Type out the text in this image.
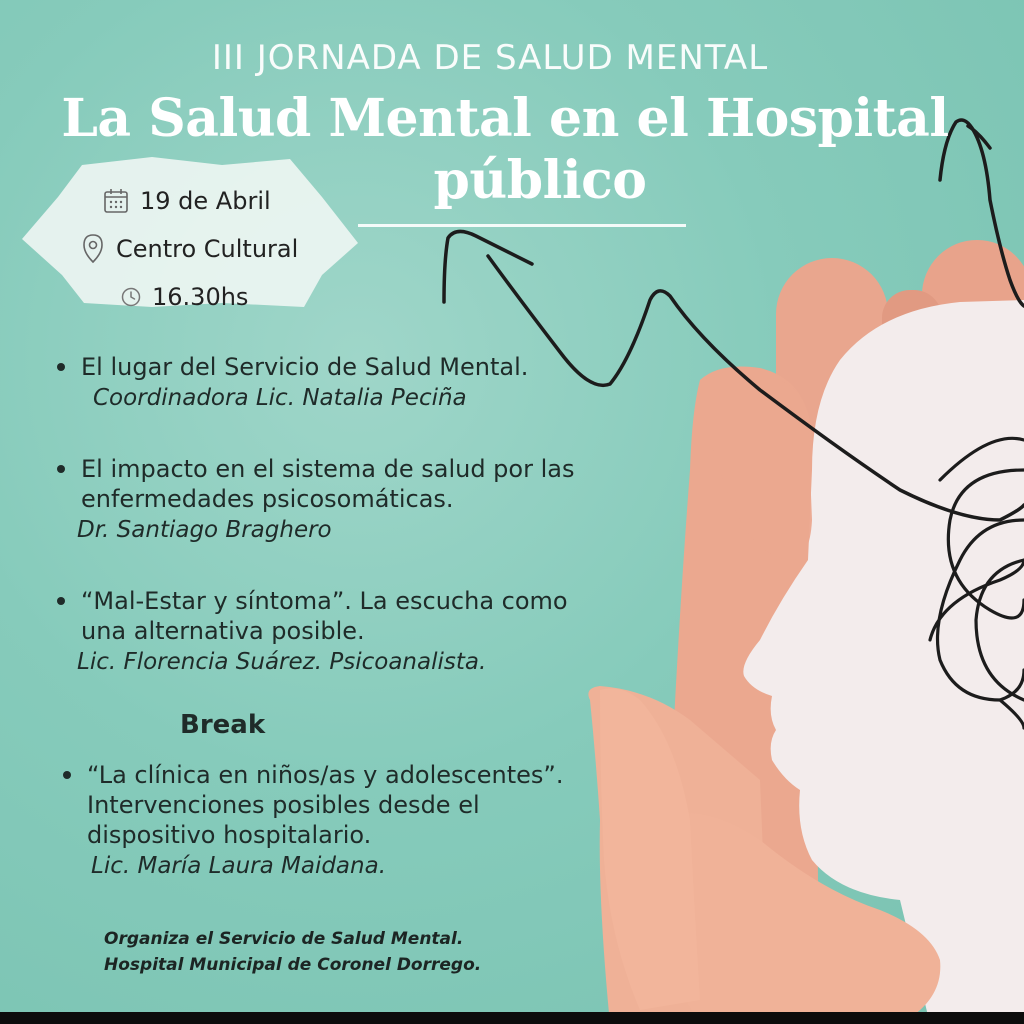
III JORNADA DE SALUD MENTAL
La Salud Mental en el Hospital
público
19 de Abril
Centro Cultural
16.30hs
El lugar del Servicio de Salud Mental.
Coordinadora Lic. Natalia Peciña
El impacto en el sistema de salud por las
enfermedades psicosomáticas.
Dr. Santiago Braghero
“Mal-Estar y síntoma”. La escucha como
una alternativa posible.
Lic. Florencia Suárez. Psicoanalista.
Break
“La clínica en niños/as y adolescentes”.
Intervenciones posibles desde el
dispositivo hospitalario.
Lic. María Laura Maidana.
Organiza el Servicio de Salud Mental.
Hospital Municipal de Coronel Dorrego.
